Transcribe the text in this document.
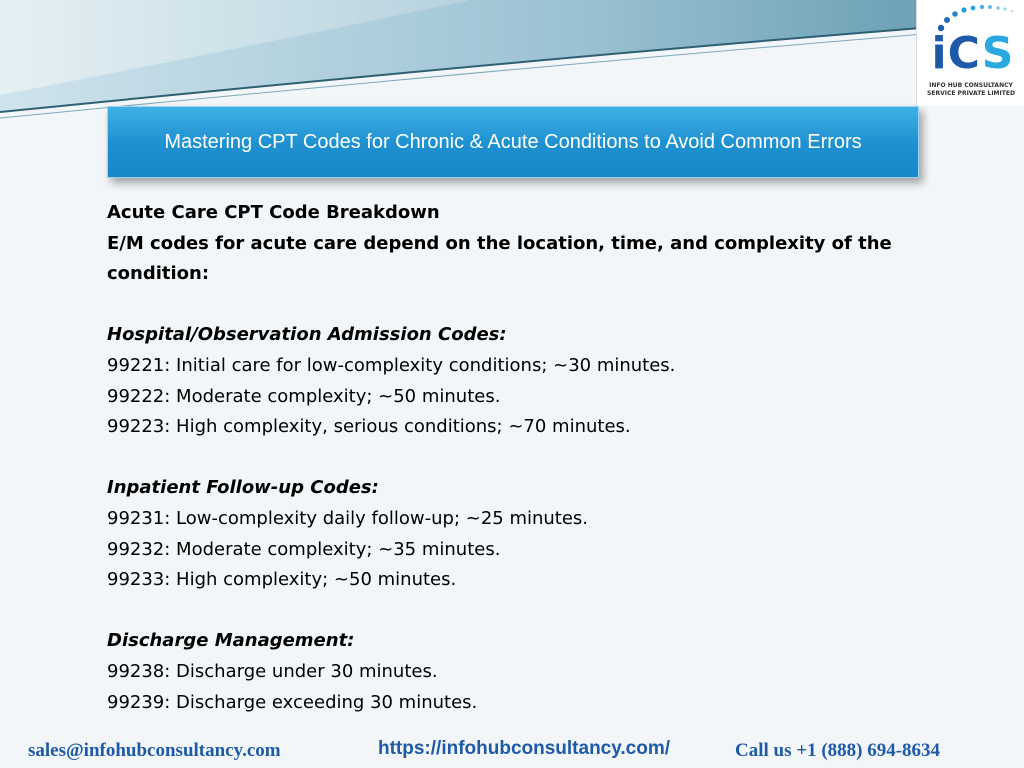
iCS
INFO HUB CONSULTANCY
SERVICE PRIVATE LIMITED
Mastering CPT Codes for Chronic & Acute Conditions to Avoid Common Errors

Acute Care CPT Code Breakdown

E/M codes for acute care depend on the location, time, and complexity of the condition:

Hospital/Observation Admission Codes:

99221: Initial care for low-complexity conditions; ~30 minutes.

99222: Moderate complexity; ~50 minutes.

99223: High complexity, serious conditions; ~70 minutes.

Inpatient Follow-up Codes:

99231: Low-complexity daily follow-up; ~25 minutes.

99232: Moderate complexity; ~35 minutes.

99233: High complexity; ~50 minutes.

Discharge Management:

99238: Discharge under 30 minutes.

99239: Discharge exceeding 30 minutes.

sales@infohubconsultancy.com	https://infohubconsultancy.com/	Call us +1 (888) 694-8634
